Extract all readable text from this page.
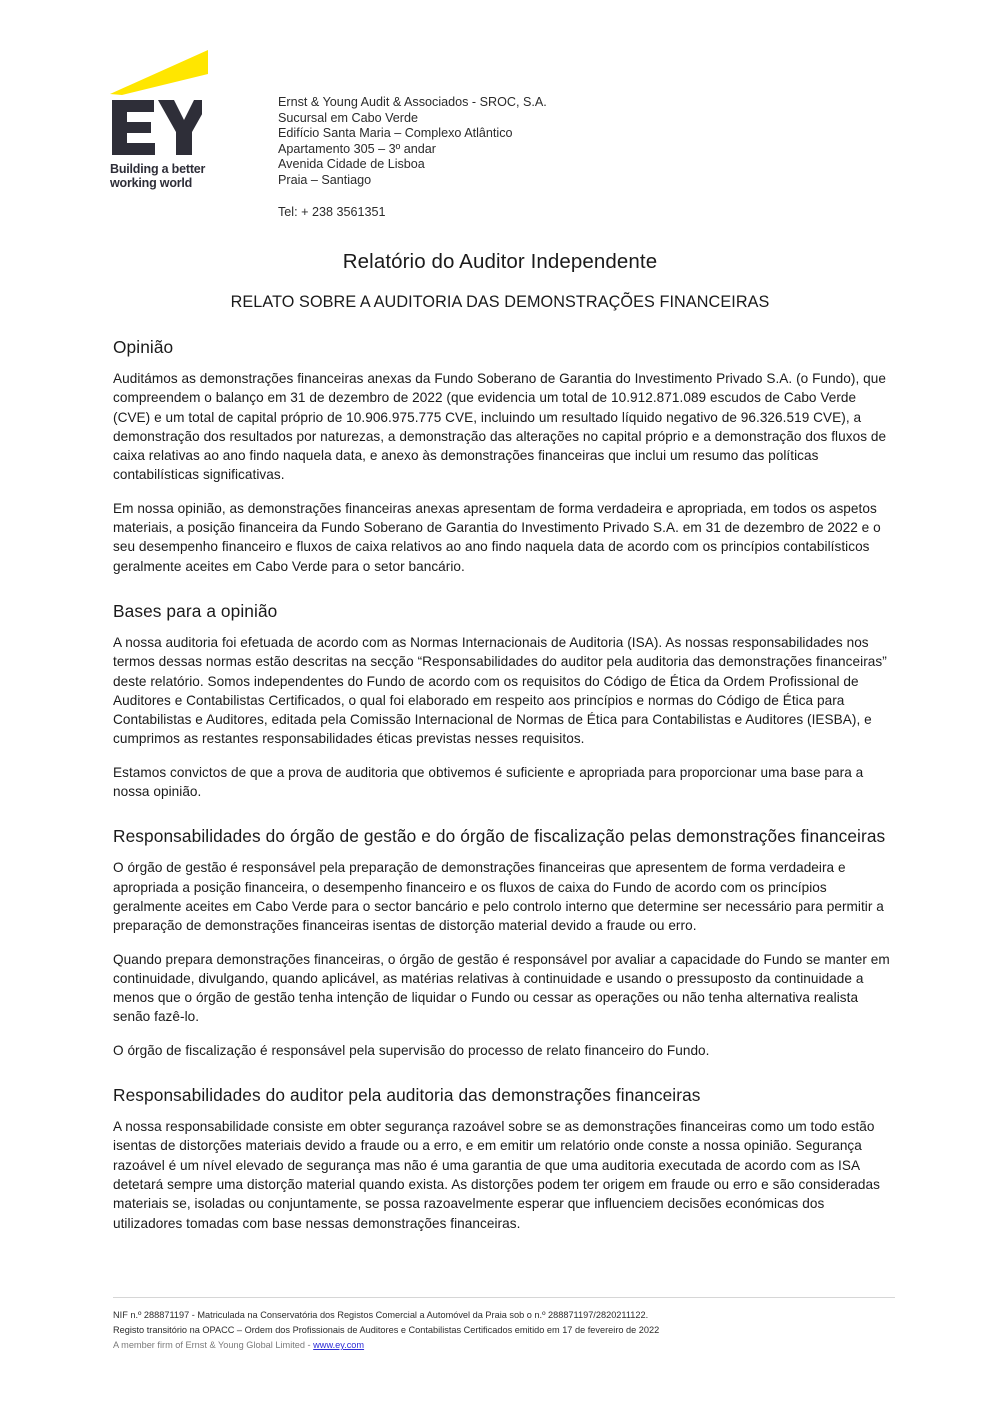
Building a better
working world
Ernst & Young Audit & Associados - SROC, S.A.
Sucursal em Cabo Verde
Edifício Santa Maria – Complexo Atlântico
Apartamento 305 – 3º andar
Avenida Cidade de Lisboa
Praia – Santiago
Tel: + 238 3561351
Relatório do Auditor Independente
RELATO SOBRE A AUDITORIA DAS DEMONSTRAÇÕES FINANCEIRAS
Opinião

Auditámos as demonstrações financeiras anexas da Fundo Soberano de Garantia do Investimento Privado S.A. (o Fundo), que compreendem o balanço em 31 de dezembro de 2022 (que evidencia um total de 10.912.871.089 escudos de Cabo Verde (CVE) e um total de capital próprio de 10.906.975.775 CVE, incluindo um resultado líquido negativo de 96.326.519 CVE), a demonstração dos resultados por naturezas, a demonstração das alterações no capital próprio e a demonstração dos fluxos de caixa relativas ao ano findo naquela data, e anexo às demonstrações financeiras que inclui um resumo das políticas contabilísticas significativas.

Em nossa opinião, as demonstrações financeiras anexas apresentam de forma verdadeira e apropriada, em todos os aspetos materiais, a posição financeira da Fundo Soberano de Garantia do Investimento Privado S.A. em 31 de dezembro de 2022 e o seu desempenho financeiro e fluxos de caixa relativos ao ano findo naquela data de acordo com os princípios contabilísticos geralmente aceites em Cabo Verde para o setor bancário.

Bases para a opinião

A nossa auditoria foi efetuada de acordo com as Normas Internacionais de Auditoria (ISA). As nossas responsabilidades nos termos dessas normas estão descritas na secção “Responsabilidades do auditor pela auditoria das demonstrações financeiras” deste relatório. Somos independentes do Fundo de acordo com os requisitos do Código de Ética da Ordem Profissional de Auditores e Contabilistas Certificados, o qual foi elaborado em respeito aos princípios e normas do Código de Ética para Contabilistas e Auditores, editada pela Comissão Internacional de Normas de Ética para Contabilistas e Auditores (IESBA), e cumprimos as restantes responsabilidades éticas previstas nesses requisitos.

Estamos convictos de que a prova de auditoria que obtivemos é suficiente e apropriada para proporcionar uma base para a nossa opinião.

Responsabilidades do órgão de gestão e do órgão de fiscalização pelas demonstrações financeiras

O órgão de gestão é responsável pela preparação de demonstrações financeiras que apresentem de forma verdadeira e apropriada a posição financeira, o desempenho financeiro e os fluxos de caixa do Fundo de acordo com os princípios geralmente aceites em Cabo Verde para o sector bancário e pelo controlo interno que determine ser necessário para permitir a preparação de demonstrações financeiras isentas de distorção material devido a fraude ou erro.

Quando prepara demonstrações financeiras, o órgão de gestão é responsável por avaliar a capacidade do Fundo se manter em continuidade, divulgando, quando aplicável, as matérias relativas à continuidade e usando o pressuposto da continuidade a menos que o órgão de gestão tenha intenção de liquidar o Fundo ou cessar as operações ou não tenha alternativa realista senão fazê-lo.

O órgão de fiscalização é responsável pela supervisão do processo de relato financeiro do Fundo.

Responsabilidades do auditor pela auditoria das demonstrações financeiras

A nossa responsabilidade consiste em obter segurança razoável sobre se as demonstrações financeiras como um todo estão isentas de distorções materiais devido a fraude ou a erro, e em emitir um relatório onde conste a nossa opinião. Segurança razoável é um nível elevado de segurança mas não é uma garantia de que uma auditoria executada de acordo com as ISA detetará sempre uma distorção material quando exista. As distorções podem ter origem em fraude ou erro e são consideradas materiais se, isoladas ou conjuntamente, se possa razoavelmente esperar que influenciem decisões económicas dos utilizadores tomadas com base nessas demonstrações financeiras.

NIF n.º 288871197 - Matriculada na Conservatória dos Registos Comercial a Automóvel da Praia sob o n.º 288871197/2820211122.
Registo transitório na OPACC – Ordem dos Profissionais de Auditores e Contabilistas Certificados emitido em 17 de fevereiro de 2022
A member firm of Ernst & Young Global Limited - www.ey.com
